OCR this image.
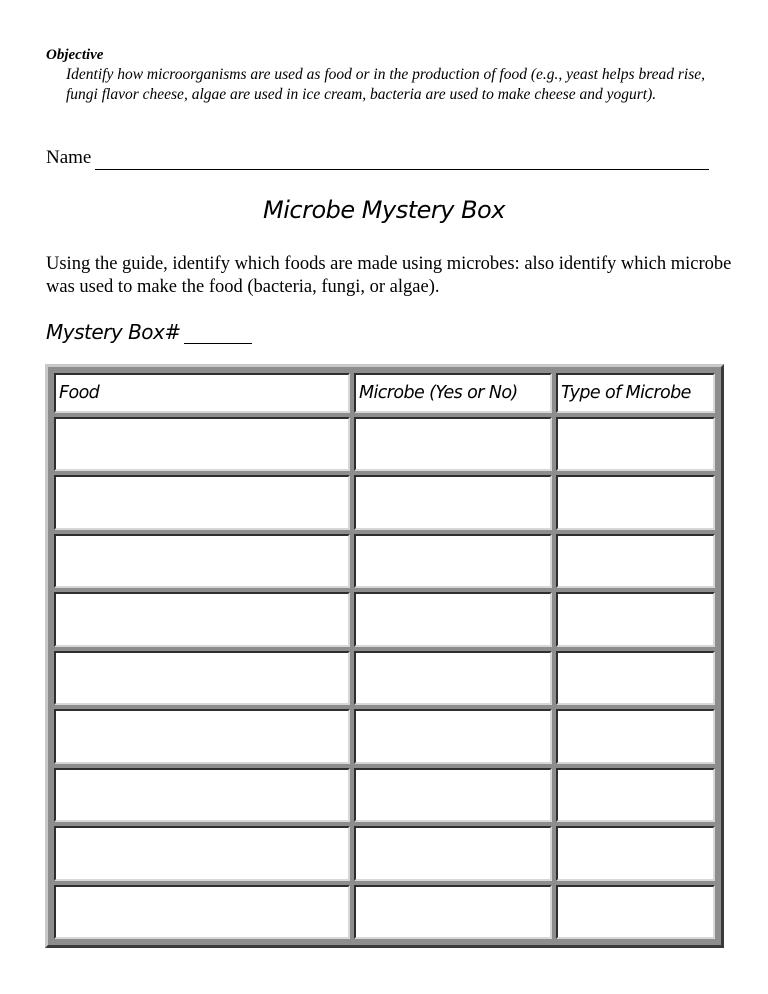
Objective

Identify how microorganisms are used as food or in the production of food (e.g., yeast helps bread rise, fungi flavor cheese, algae are used in ice cream, bacteria are used to make cheese and yogurt).

Name
Microbe Mystery Box

Using the guide, identify which foods are made using microbes: also identify which microbe was used to make the food (bacteria, fungi, or algae).

Mystery Box#
Food	Microbe (Yes or No)	Type of Microbe
